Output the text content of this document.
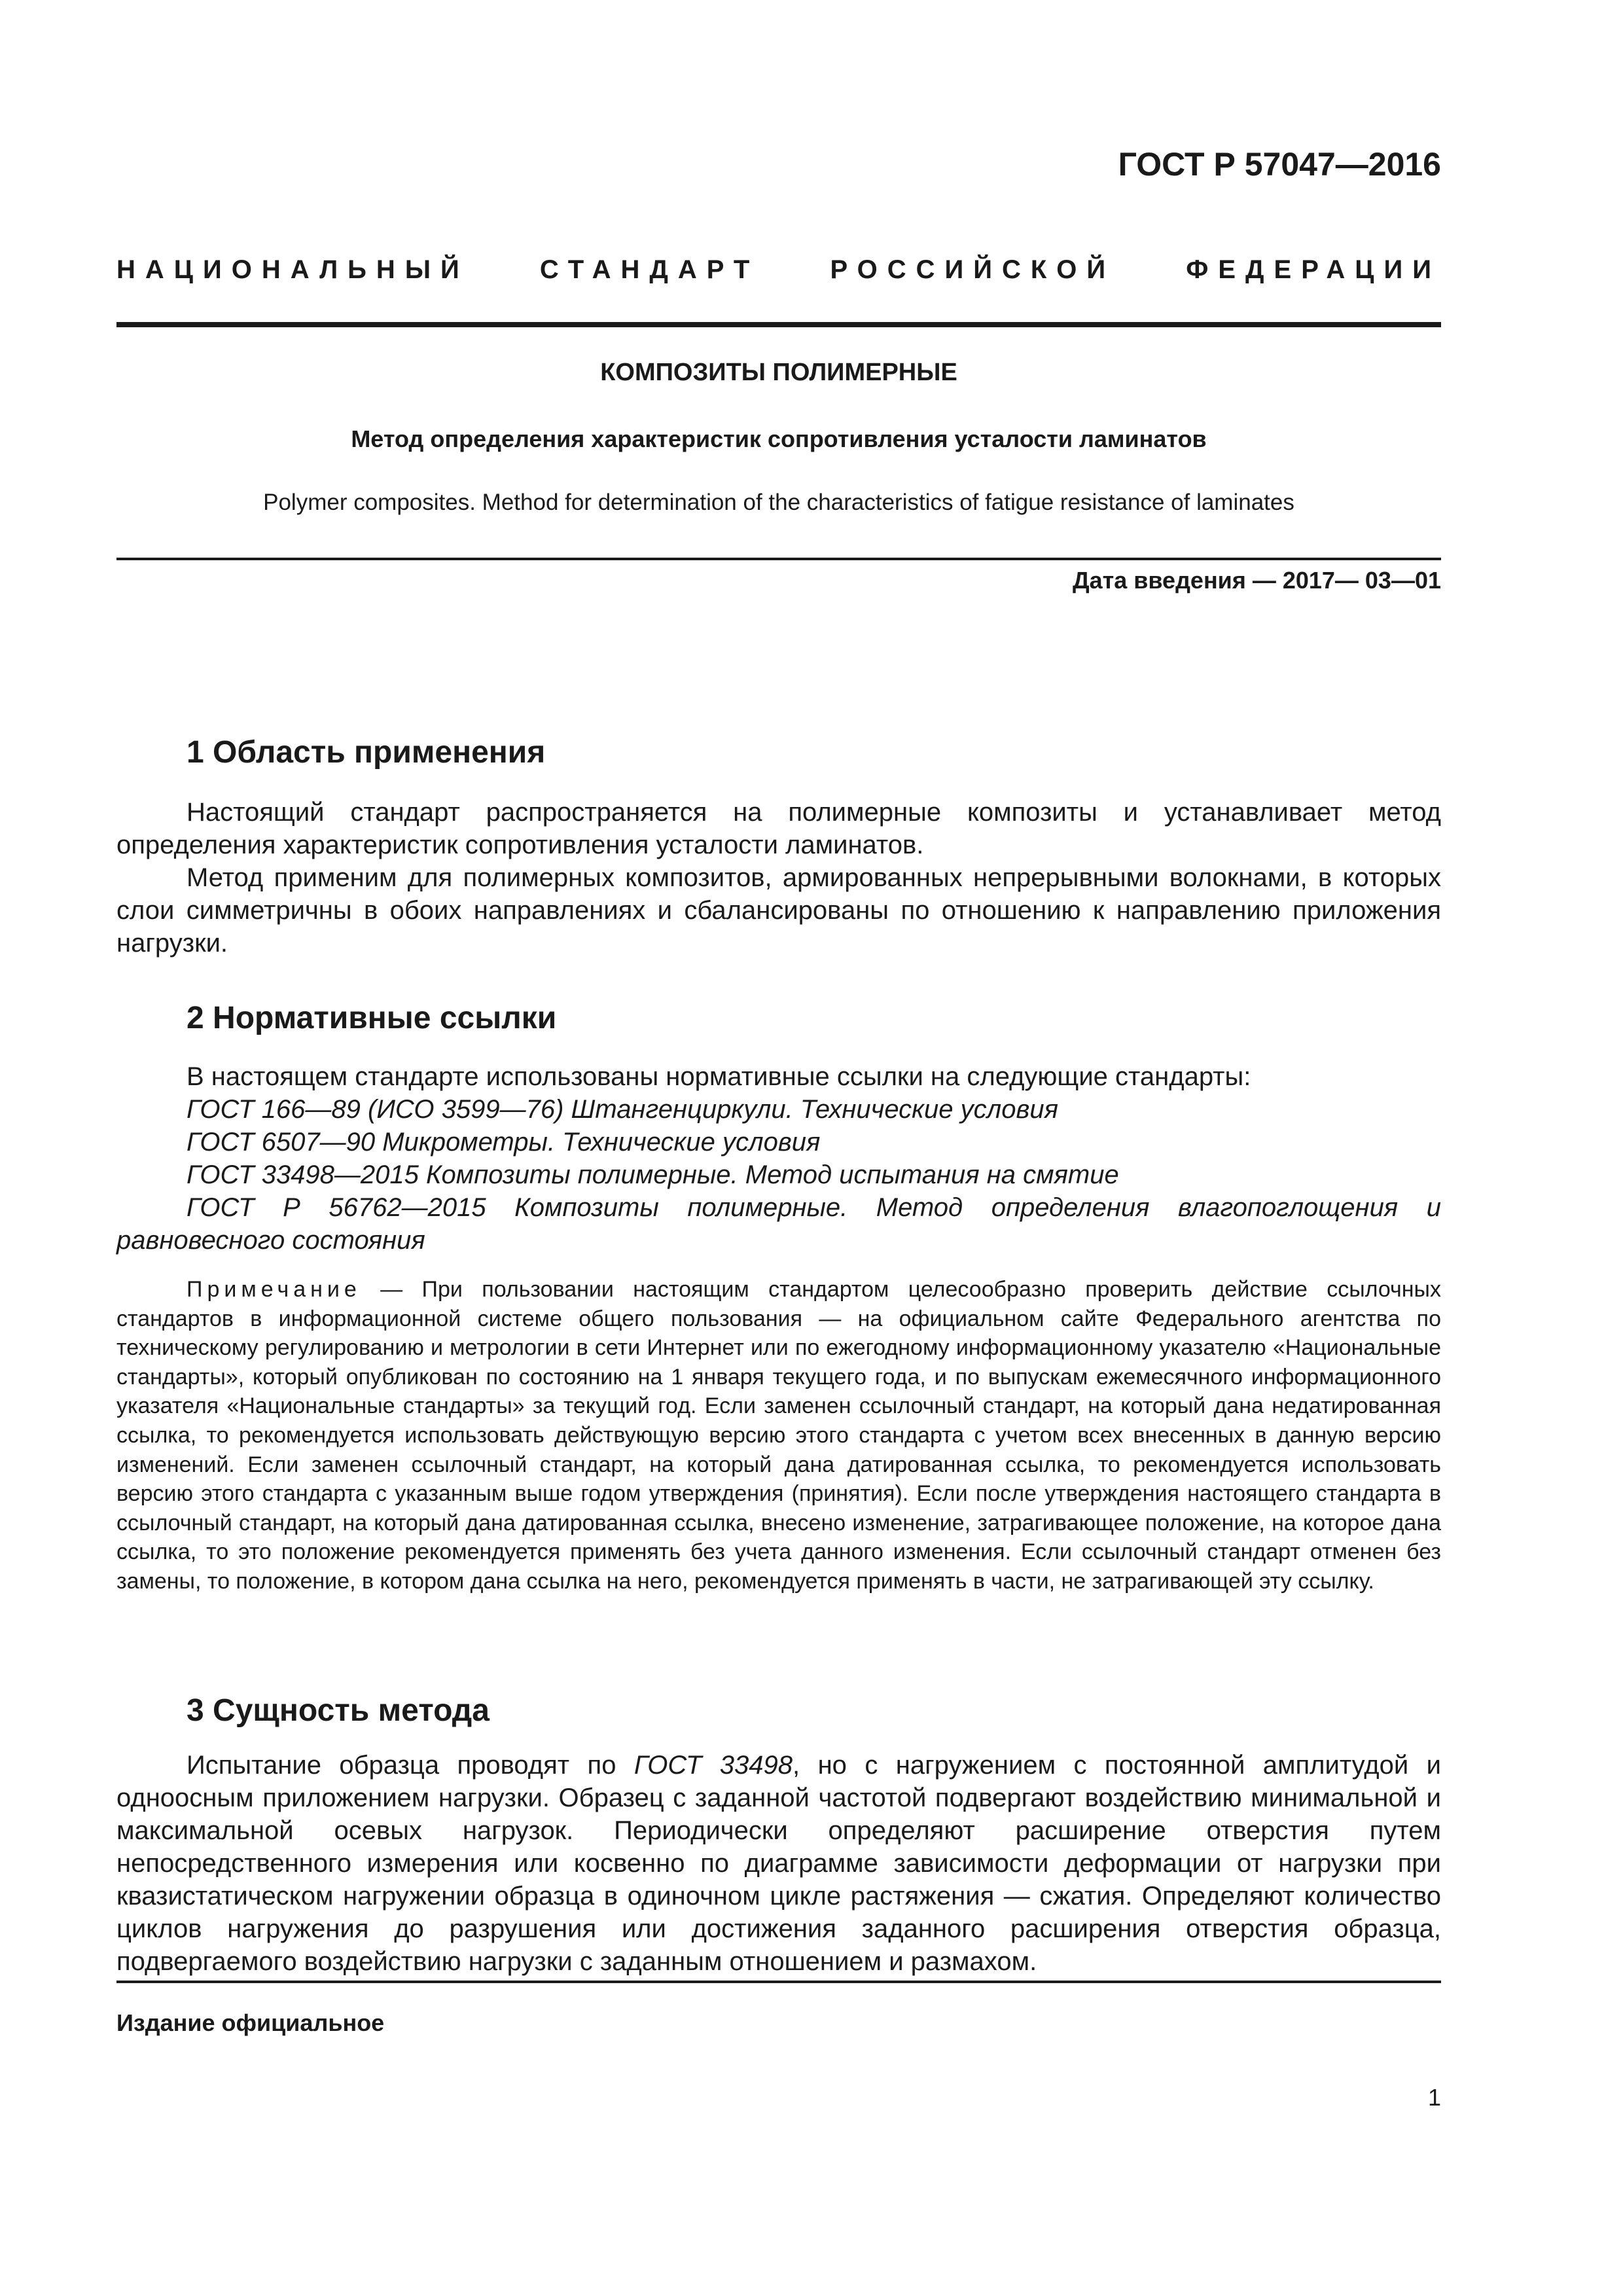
ГОСТ Р 57047—2016
НАЦИОНАЛЬНЫЙ СТАНДАРТ РОССИЙСКОЙ ФЕДЕРАЦИИ
КОМПОЗИТЫ ПОЛИМЕРНЫЕ
Метод определения характеристик сопротивления усталости ламинатов
Polymer composites. Method for determination of the characteristics of fatigue resistance of laminates
Дата введения — 2017— 03—01
1 Область применения

Настоящий стандарт распространяется на полимерные композиты и устанавливает метод определения характеристик сопротивления усталости ламинатов.

Метод применим для полимерных композитов, армированных непрерывными волокнами, в которых слои симметричны в обоих направлениях и сбалансированы по отношению к направлению приложения нагрузки.

2 Нормативные ссылки

В настоящем стандарте использованы нормативные ссылки на следующие стандарты:

ГОСТ 166—89 (ИСО 3599—76) Штангенциркули. Технические условия

ГОСТ 6507—90 Микрометры. Технические условия

ГОСТ 33498—2015 Композиты полимерные. Метод испытания на смятие

ГОСТ Р 56762—2015 Композиты полимерные. Метод определения влагопоглощения и равновесного состояния

Примечание — При пользовании настоящим стандартом целесообразно проверить действие ссылочных стандартов в информационной системе общего пользования — на официальном сайте Федерального агентства по техническому регулированию и метрологии в сети Интернет или по ежегодному информационному указателю «Национальные стандарты», который опубликован по состоянию на 1 января текущего года, и по выпускам ежемесячного информационного указателя «Национальные стандарты» за текущий год. Если заменен ссылочный стандарт, на который дана недатированная ссылка, то рекомендуется использовать действующую версию этого стандарта с учетом всех внесенных в данную версию изменений. Если заменен ссылочный стандарт, на который дана датированная ссылка, то рекомендуется использовать версию этого стандарта с указанным выше годом утверждения (принятия). Если после утверждения настоящего стандарта в ссылочный стандарт, на который дана датированная ссылка, внесено изменение, затрагивающее положение, на которое дана ссылка, то это положение рекомендуется применять без учета данного изменения. Если ссылочный стандарт отменен без замены, то положение, в котором дана ссылка на него, рекомендуется применять в части, не затрагивающей эту ссылку.
3 Сущность метода

Испытание образца проводят по ГОСТ 33498, но с нагружением с постоянной амплитудой и одноосным приложением нагрузки. Образец с заданной частотой подвергают воздействию минимальной и максимальной осевых нагрузок. Периодически определяют расширение отверстия путем непосредственного измерения или косвенно по диаграмме зависимости деформации от нагрузки при квазистатическом нагружении образца в одиночном цикле растяжения — сжатия. Определяют количество циклов нагружения до разрушения или достижения заданного расширения отверстия образца, подвергаемого воздействию нагрузки с заданным отношением и размахом.

Издание официальное
1
